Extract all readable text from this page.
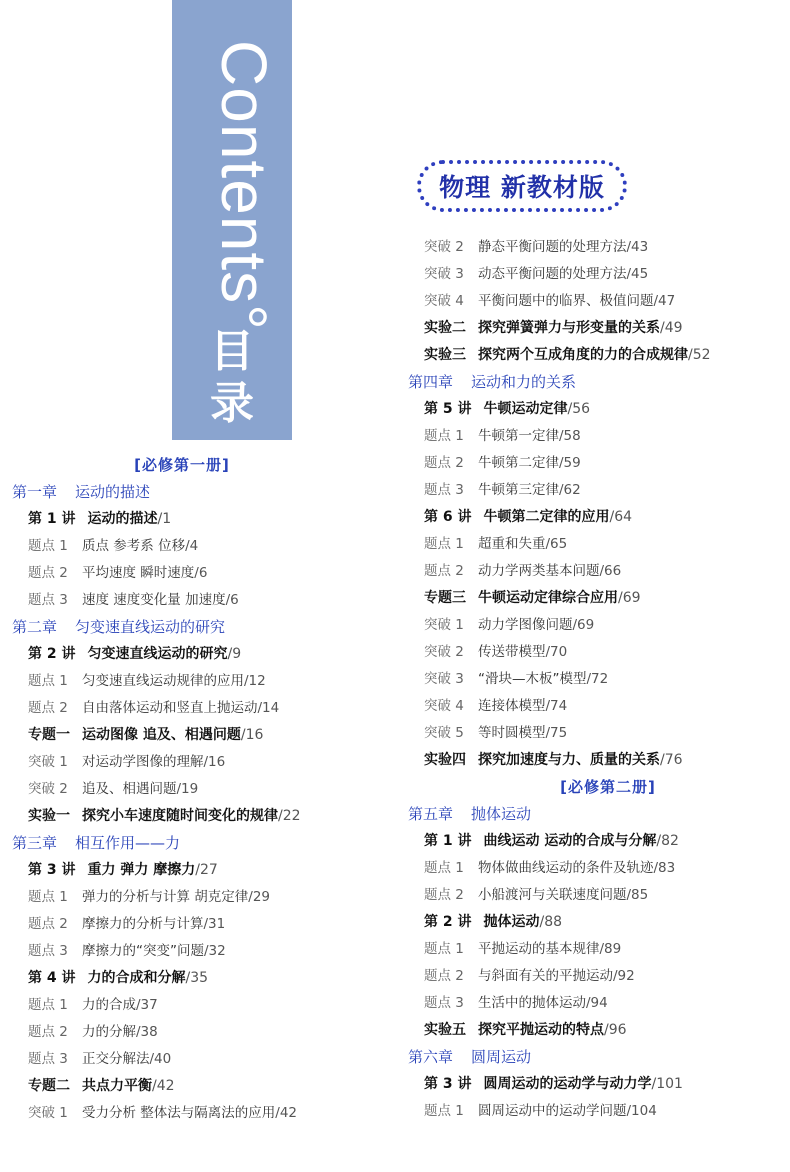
Contents°
目
录
物理 新教材版
[必修第一册]
第一章 运动的描述
第 1 讲 运动的描述/1
题点 1 质点 参考系 位移/4
题点 2 平均速度 瞬时速度/6
题点 3 速度 速度变化量 加速度/6
第二章 匀变速直线运动的研究
第 2 讲 匀变速直线运动的研究/9
题点 1 匀变速直线运动规律的应用/12
题点 2 自由落体运动和竖直上抛运动/14
专题一 运动图像 追及、相遇问题/16
突破 1 对运动学图像的理解/16
突破 2 追及、相遇问题/19
实验一 探究小车速度随时间变化的规律/22
第三章 相互作用——力
第 3 讲 重力 弹力 摩擦力/27
题点 1 弹力的分析与计算 胡克定律/29
题点 2 摩擦力的分析与计算/31
题点 3 摩擦力的“突变”问题/32
第 4 讲 力的合成和分解/35
题点 1 力的合成/37
题点 2 力的分解/38
题点 3 正交分解法/40
专题二 共点力平衡/42
突破 1 受力分析 整体法与隔离法的应用/42
突破 2 静态平衡问题的处理方法/43
突破 3 动态平衡问题的处理方法/45
突破 4 平衡问题中的临界、极值问题/47
实验二 探究弹簧弹力与形变量的关系/49
实验三 探究两个互成角度的力的合成规律/52
第四章 运动和力的关系
第 5 讲 牛顿运动定律/56
题点 1 牛顿第一定律/58
题点 2 牛顿第二定律/59
题点 3 牛顿第三定律/62
第 6 讲 牛顿第二定律的应用/64
题点 1 超重和失重/65
题点 2 动力学两类基本问题/66
专题三 牛顿运动定律综合应用/69
突破 1 动力学图像问题/69
突破 2 传送带模型/70
突破 3 “滑块—木板”模型/72
突破 4 连接体模型/74
突破 5 等时圆模型/75
实验四 探究加速度与力、质量的关系/76
[必修第二册]
第五章 抛体运动
第 1 讲 曲线运动 运动的合成与分解/82
题点 1 物体做曲线运动的条件及轨迹/83
题点 2 小船渡河与关联速度问题/85
第 2 讲 抛体运动/88
题点 1 平抛运动的基本规律/89
题点 2 与斜面有关的平抛运动/92
题点 3 生活中的抛体运动/94
实验五 探究平抛运动的特点/96
第六章 圆周运动
第 3 讲 圆周运动的运动学与动力学/101
题点 1 圆周运动中的运动学问题/104
